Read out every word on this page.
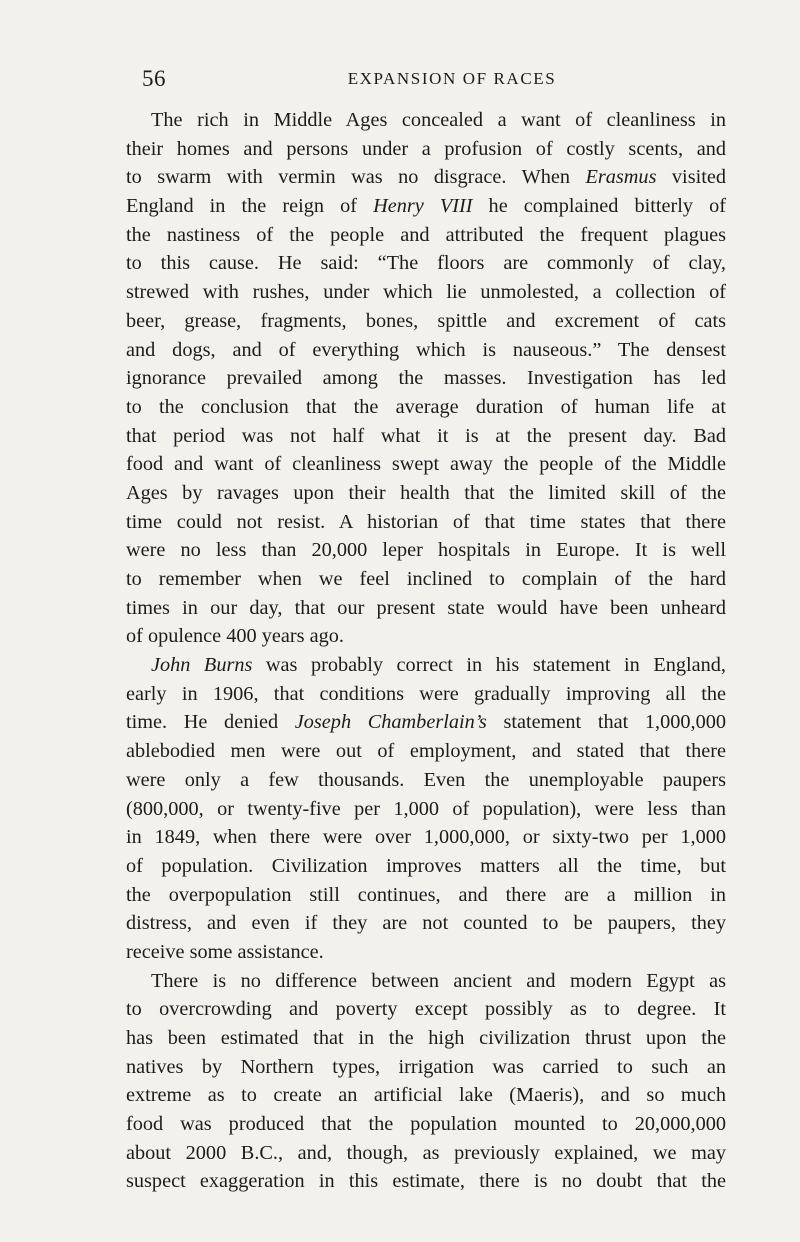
56	EXPANSION OF RACES
The rich in Middle Ages concealed a want of cleanliness in
their homes and persons under a profusion of costly scents, and
to swarm with vermin was no disgrace. When Erasmus visited
England in the reign of Henry VIII he complained bitterly of
the nastiness of the people and attributed the frequent plagues
to this cause. He said: “The floors are commonly of clay,
strewed with rushes, under which lie unmolested, a collection of
beer, grease, fragments, bones, spittle and excrement of cats
and dogs, and of everything which is nauseous.” The densest
ignorance prevailed among the masses. Investigation has led
to the conclusion that the average duration of human life at
that period was not half what it is at the present day. Bad
food and want of cleanliness swept away the people of the Middle
Ages by ravages upon their health that the limited skill of the
time could not resist. A historian of that time states that there
were no less than 20,000 leper hospitals in Europe. It is well
to remember when we feel inclined to complain of the hard
times in our day, that our present state would have been unheard
of opulence 400 years ago.
John Burns was probably correct in his statement in England,
early in 1906, that conditions were gradually improving all the
time. He denied Joseph Chamberlain’s statement that 1,000,000
ablebodied men were out of employment, and stated that there
were only a few thousands. Even the unemployable paupers
(800,000, or twenty-five per 1,000 of population), were less than
in 1849, when there were over 1,000,000, or sixty-two per 1,000
of population. Civilization improves matters all the time, but
the overpopulation still continues, and there are a million in
distress, and even if they are not counted to be paupers, they
receive some assistance.
There is no difference between ancient and modern Egypt as
to overcrowding and poverty except possibly as to degree. It
has been estimated that in the high civilization thrust upon the
natives by Northern types, irrigation was carried to such an
extreme as to create an artificial lake (Maeris), and so much
food was produced that the population mounted to 20,000,000
about 2000 B.C., and, though, as previously explained, we may
suspect exaggeration in this estimate, there is no doubt that the
